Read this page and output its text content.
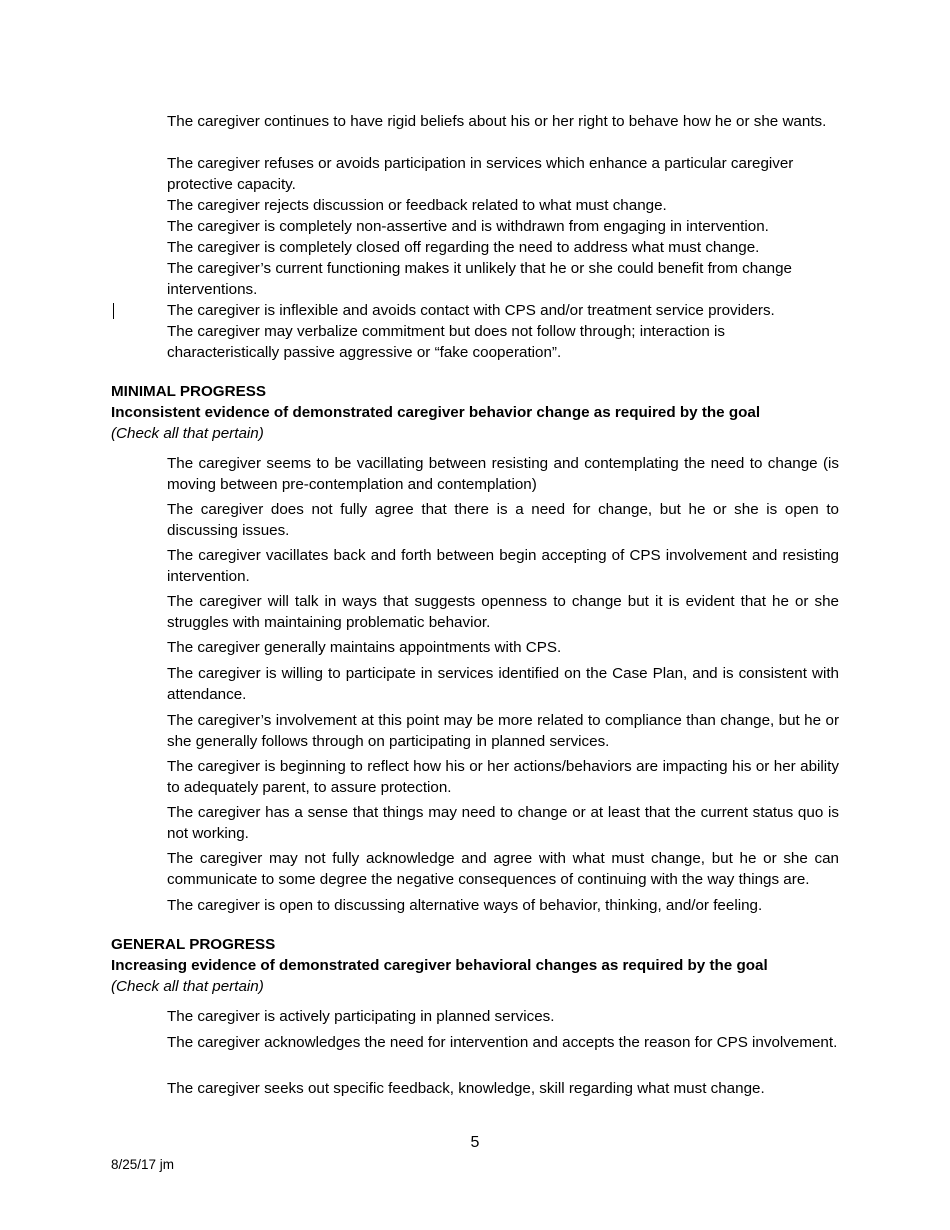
The caregiver continues to have rigid beliefs about his or her right to behave how he or she wants.
The caregiver refuses or avoids participation in services which enhance a particular caregiver protective capacity.
The caregiver rejects discussion or feedback related to what must change.
The caregiver is completely non-assertive and is withdrawn from engaging in intervention.
The caregiver is completely closed off regarding the need to address what must change.
The caregiver’s current functioning makes it unlikely that he or she could benefit from change interventions.
The caregiver is inflexible and avoids contact with CPS and/or treatment service providers.
The caregiver may verbalize commitment but does not follow through; interaction is characteristically passive aggressive or “fake cooperation”.
MINIMAL PROGRESS
Inconsistent evidence of demonstrated caregiver behavior change as required by the goal
(Check all that pertain)
The caregiver seems to be vacillating between resisting and contemplating the need to change (is moving between pre-contemplation and contemplation)
The caregiver does not fully agree that there is a need for change, but he or she is open to discussing issues.
The caregiver vacillates back and forth between begin accepting of CPS involvement and resisting intervention.
The caregiver will talk in ways that suggests openness to change but it is evident that he or she struggles with maintaining problematic behavior.
The caregiver generally maintains appointments with CPS.
The caregiver is willing to participate in services identified on the Case Plan, and is consistent with attendance.
The caregiver’s involvement at this point may be more related to compliance than change, but he or she generally follows through on participating in planned services.
The caregiver is beginning to reflect how his or her actions/behaviors are impacting his or her ability to adequately parent, to assure protection.
The caregiver has a sense that things may need to change or at least that the current status quo is not working.
The caregiver may not fully acknowledge and agree with what must change, but he or she can communicate to some degree the negative consequences of continuing with the way things are.
The caregiver is open to discussing alternative ways of behavior, thinking, and/or feeling.
GENERAL PROGRESS
Increasing evidence of demonstrated caregiver behavioral changes as required by the goal
(Check all that pertain)
The caregiver is actively participating in planned services.
The caregiver acknowledges the need for intervention and accepts the reason for CPS involvement.
The caregiver seeks out specific feedback, knowledge, skill regarding what must change.
5
8/25/17 jm
